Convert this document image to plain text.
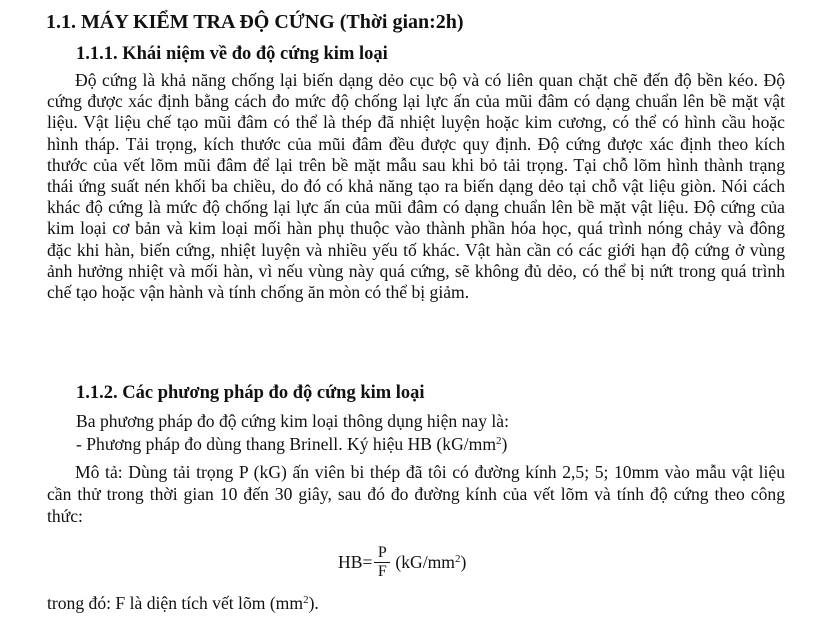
1.1. MÁY KIỂM TRA ĐỘ CỨNG (Thời gian:2h)
1.1.1. Khái niệm về đo độ cứng kim loại
Độ cứng là khả năng chống lại biến dạng dẻo cục bộ và có liên quan chặt chẽ đến độ bền kéo. Độ cứng được xác định bằng cách đo mức độ chống lại lực ấn của mũi đâm có dạng chuẩn lên bề mặt vật liệu. Vật liệu chế tạo mũi đâm có thể là thép đã nhiệt luyện hoặc kim cương, có thể có hình cầu hoặc hình tháp. Tải trọng, kích thước của mũi đâm đều được quy định. Độ cứng được xác định theo kích thước của vết lõm mũi đâm để lại trên bề mặt mẫu sau khi bỏ tải trọng. Tại chỗ lõm hình thành trạng thái ứng suất nén khối ba chiều, do đó có khả năng tạo ra biến dạng dẻo tại chỗ vật liệu giòn. Nói cách khác độ cứng là mức độ chống lại lực ấn của mũi đâm có dạng chuẩn lên bề mặt vật liệu. Độ cứng của kim loại cơ bản và kim loại mối hàn phụ thuộc vào thành phần hóa học, quá trình nóng chảy và đông đặc khi hàn, biến cứng, nhiệt luyện và nhiều yếu tố khác. Vật hàn cần có các giới hạn độ cứng ở vùng ảnh hưởng nhiệt và mối hàn, vì nếu vùng này quá cứng, sẽ không đủ dẻo, có thể bị nứt trong quá trình chế tạo hoặc vận hành và tính chống ăn mòn có thể bị giảm.
1.1.2. Các phương pháp đo độ cứng kim loại
Ba phương pháp đo độ cứng kim loại thông dụng hiện nay là:
- Phương pháp đo dùng thang Brinell. Ký hiệu HB $(kG/mm^2)$
Mô tả: Dùng tải trọng P (kG) ấn viên bi thép đã tôi có đường kính 2,5; 5; 10mm vào mẫu vật liệu cần thử trong thời gian 10 đến 30 giây, sau đó đo đường kính của vết lõm và tính độ cứng theo công thức:
$HB= \frac{P}{F} (kG/mm^2)$
trong đó: F là diện tích vết lõm $(mm^2)$.
